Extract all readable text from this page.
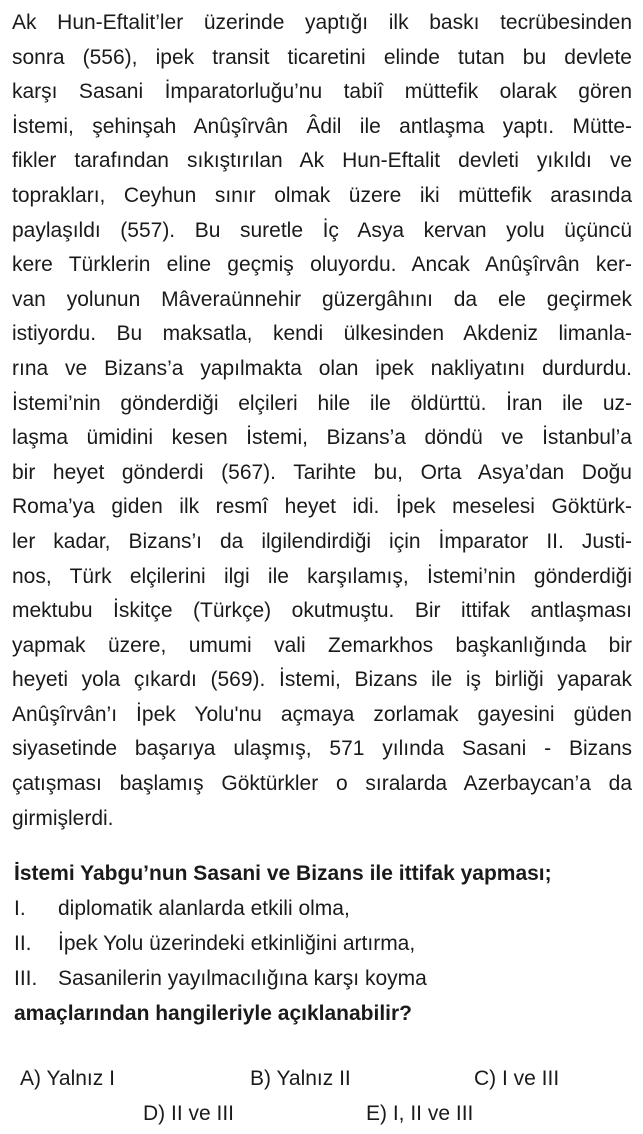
Ak Hun-Eftalit’ler üzerinde yaptığı ilk baskı tecrübesinden
sonra (556), ipek transit ticaretini elinde tutan bu devlete
karşı Sasani İmparatorluğu’nu tabiî müttefik olarak gören
İstemi, şehinşah Anûşîrvân Âdil ile antlaşma yaptı. Mütte-
fikler tarafından sıkıştırılan Ak Hun-Eftalit devleti yıkıldı ve
toprakları, Ceyhun sınır olmak üzere iki müttefik arasında
paylaşıldı (557). Bu suretle İç Asya kervan yolu üçüncü
kere Türklerin eline geçmiş oluyordu. Ancak Anûşîrvân ker-
van yolunun Mâveraünnehir güzergâhını da ele geçirmek
istiyordu. Bu maksatla, kendi ülkesinden Akdeniz limanla-
rına ve Bizans’a yapılmakta olan ipek nakliyatını durdurdu.
İstemi’nin gönderdiği elçileri hile ile öldürttü. İran ile uz-
laşma ümidini kesen İstemi, Bizans’a döndü ve İstanbul’a
bir heyet gönderdi (567). Tarihte bu, Orta Asya’dan Doğu
Roma’ya giden ilk resmî heyet idi. İpek meselesi Göktürk-
ler kadar, Bizans’ı da ilgilendirdiği için İmparator II. Justi-
nos, Türk elçilerini ilgi ile karşılamış, İstemi’nin gönderdiği
mektubu İskitçe (Türkçe) okutmuştu. Bir ittifak antlaşması
yapmak üzere, umumi vali Zemarkhos başkanlığında bir
heyeti yola çıkardı (569). İstemi, Bizans ile iş birliği yaparak
Anûşîrvân’ı İpek Yolu'nu açmaya zorlamak gayesini güden
siyasetinde başarıya ulaşmış, 571 yılında Sasani - Bizans
çatışması başlamış Göktürkler o sıralarda Azerbaycan’a da
girmişlerdi.
İstemi Yabgu’nun Sasani ve Bizans ile ittifak yapması;
I.	diplomatik alanlarda etkili olma,
II.	İpek Yolu üzerindeki etkinliğini artırma,
III. Sasanilerin yayılmacılığına karşı koyma
amaçlarından hangileriyle açıklanabilir?
A) Yalnız I	B) Yalnız II	C) I ve III
D) II ve III	E) I, II ve III
